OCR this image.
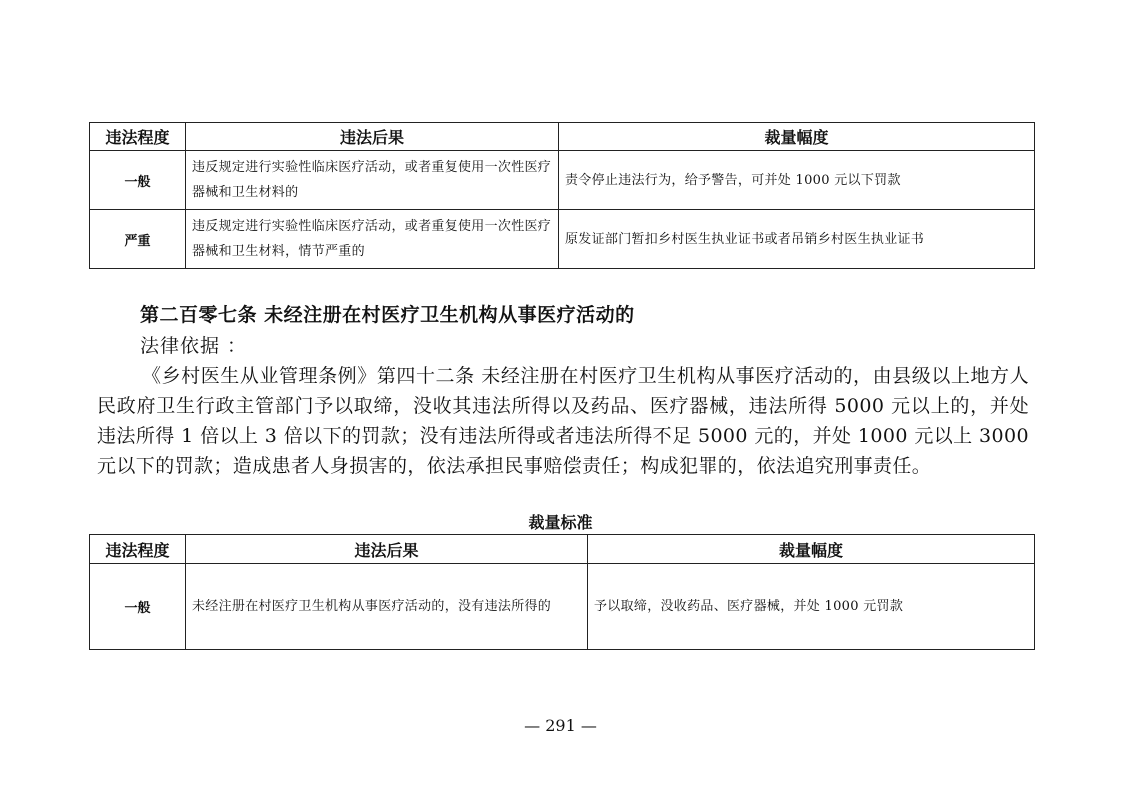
违法程度	违法后果	裁量幅度
一般	违反规定进行实验性临床医疗活动，或者重复使用一次性医疗器械和卫生材料的	责令停止违法行为，给予警告，可并处 1000 元以下罚款
严重	违反规定进行实验性临床医疗活动，或者重复使用一次性医疗器械和卫生材料，情节严重的	原发证部门暂扣乡村医生执业证书或者吊销乡村医生执业证书
第二百零七条 未经注册在村医疗卫生机构从事医疗活动的
法律依据 ：
《乡村医生从业管理条例》第四十二条 未经注册在村医疗卫生机构从事医疗活动的，由县级以上地方人民政府卫生行政主管部门予以取缔，没收其违法所得以及药品、医疗器械，违法所得 5000 元以上的，并处违法所得 1 倍以上 3 倍以下的罚款；没有违法所得或者违法所得不足 5000 元的，并处 1000 元以上 3000 元以下的罚款；造成患者人身损害的，依法承担民事赔偿责任；构成犯罪的，依法追究刑事责任。
裁量标准
违法程度	违法后果	裁量幅度
一般	未经注册在村医疗卫生机构从事医疗活动的，没有违法所得的	予以取缔，没收药品、医疗器械，并处 1000 元罚款
— 291 —
